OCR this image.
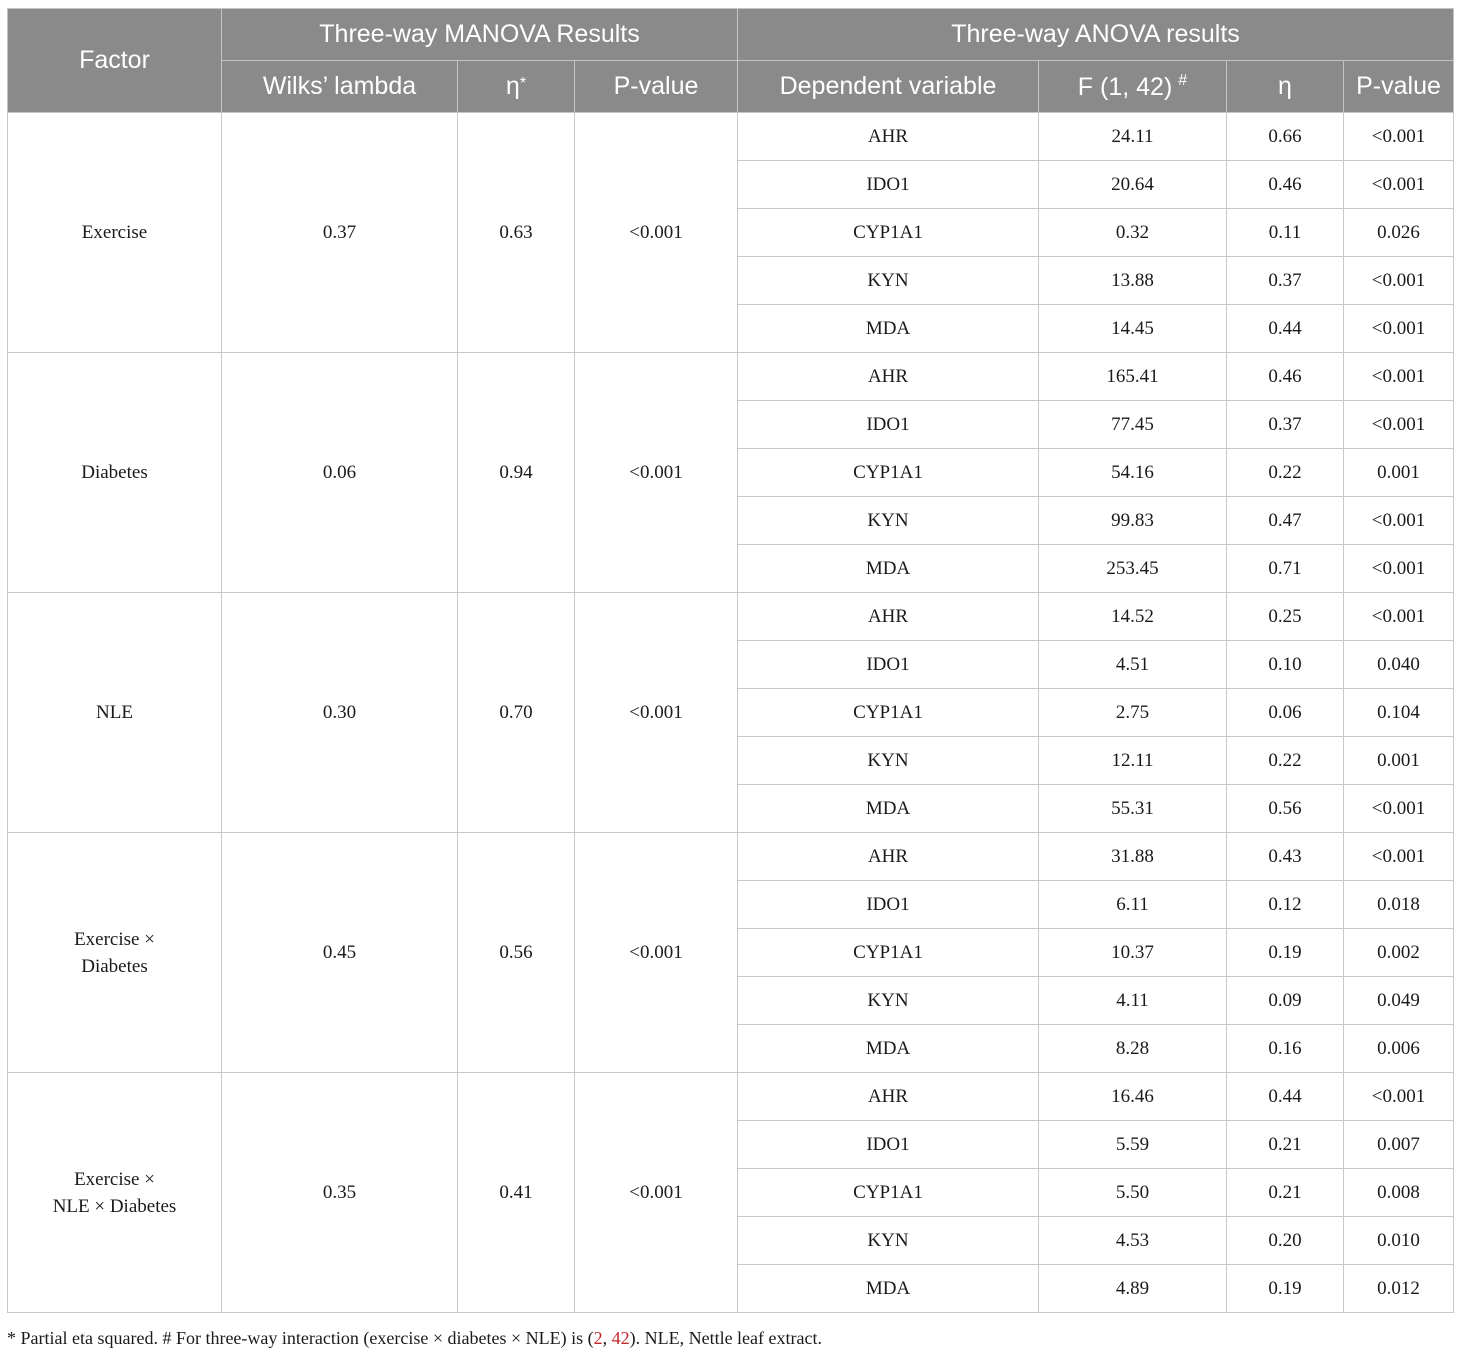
Factor	Three-way MANOVA Results			Three-way ANOVA results			
	Wilks’ lambda	η*	P-value	Dependent variable	F (1, 42) #	η	P-value

Exercise	0.37	0.63	<0.001	AHR	24.11	0.66	<0.001
				IDO1	20.64	0.46	<0.001
				CYP1A1	0.32	0.11	0.026
				KYN	13.88	0.37	<0.001
				MDA	14.45	0.44	<0.001

Diabetes	0.06	0.94	<0.001	AHR	165.41	0.46	<0.001
				IDO1	77.45	0.37	<0.001
				CYP1A1	54.16	0.22	0.001
				KYN	99.83	0.47	<0.001
				MDA	253.45	0.71	<0.001

NLE	0.30	0.70	<0.001	AHR	14.52	0.25	<0.001
				IDO1	4.51	0.10	0.040
				CYP1A1	2.75	0.06	0.104
				KYN	12.11	0.22	0.001
				MDA	55.31	0.56	<0.001

Exercise ×
Diabetes	0.45	0.56	<0.001	AHR	31.88	0.43	<0.001
				IDO1	6.11	0.12	0.018
				CYP1A1	10.37	0.19	0.002
				KYN	4.11	0.09	0.049
				MDA	8.28	0.16	0.006

Exercise ×
NLE × Diabetes	0.35	0.41	<0.001	AHR	16.46	0.44	<0.001
				IDO1	5.59	0.21	0.007
				CYP1A1	5.50	0.21	0.008
				KYN	4.53	0.20	0.010
				MDA	4.89	0.19	0.012
* Partial eta squared. # For three-way interaction (exercise × diabetes × NLE) is (2, 42). NLE, Nettle leaf extract.
